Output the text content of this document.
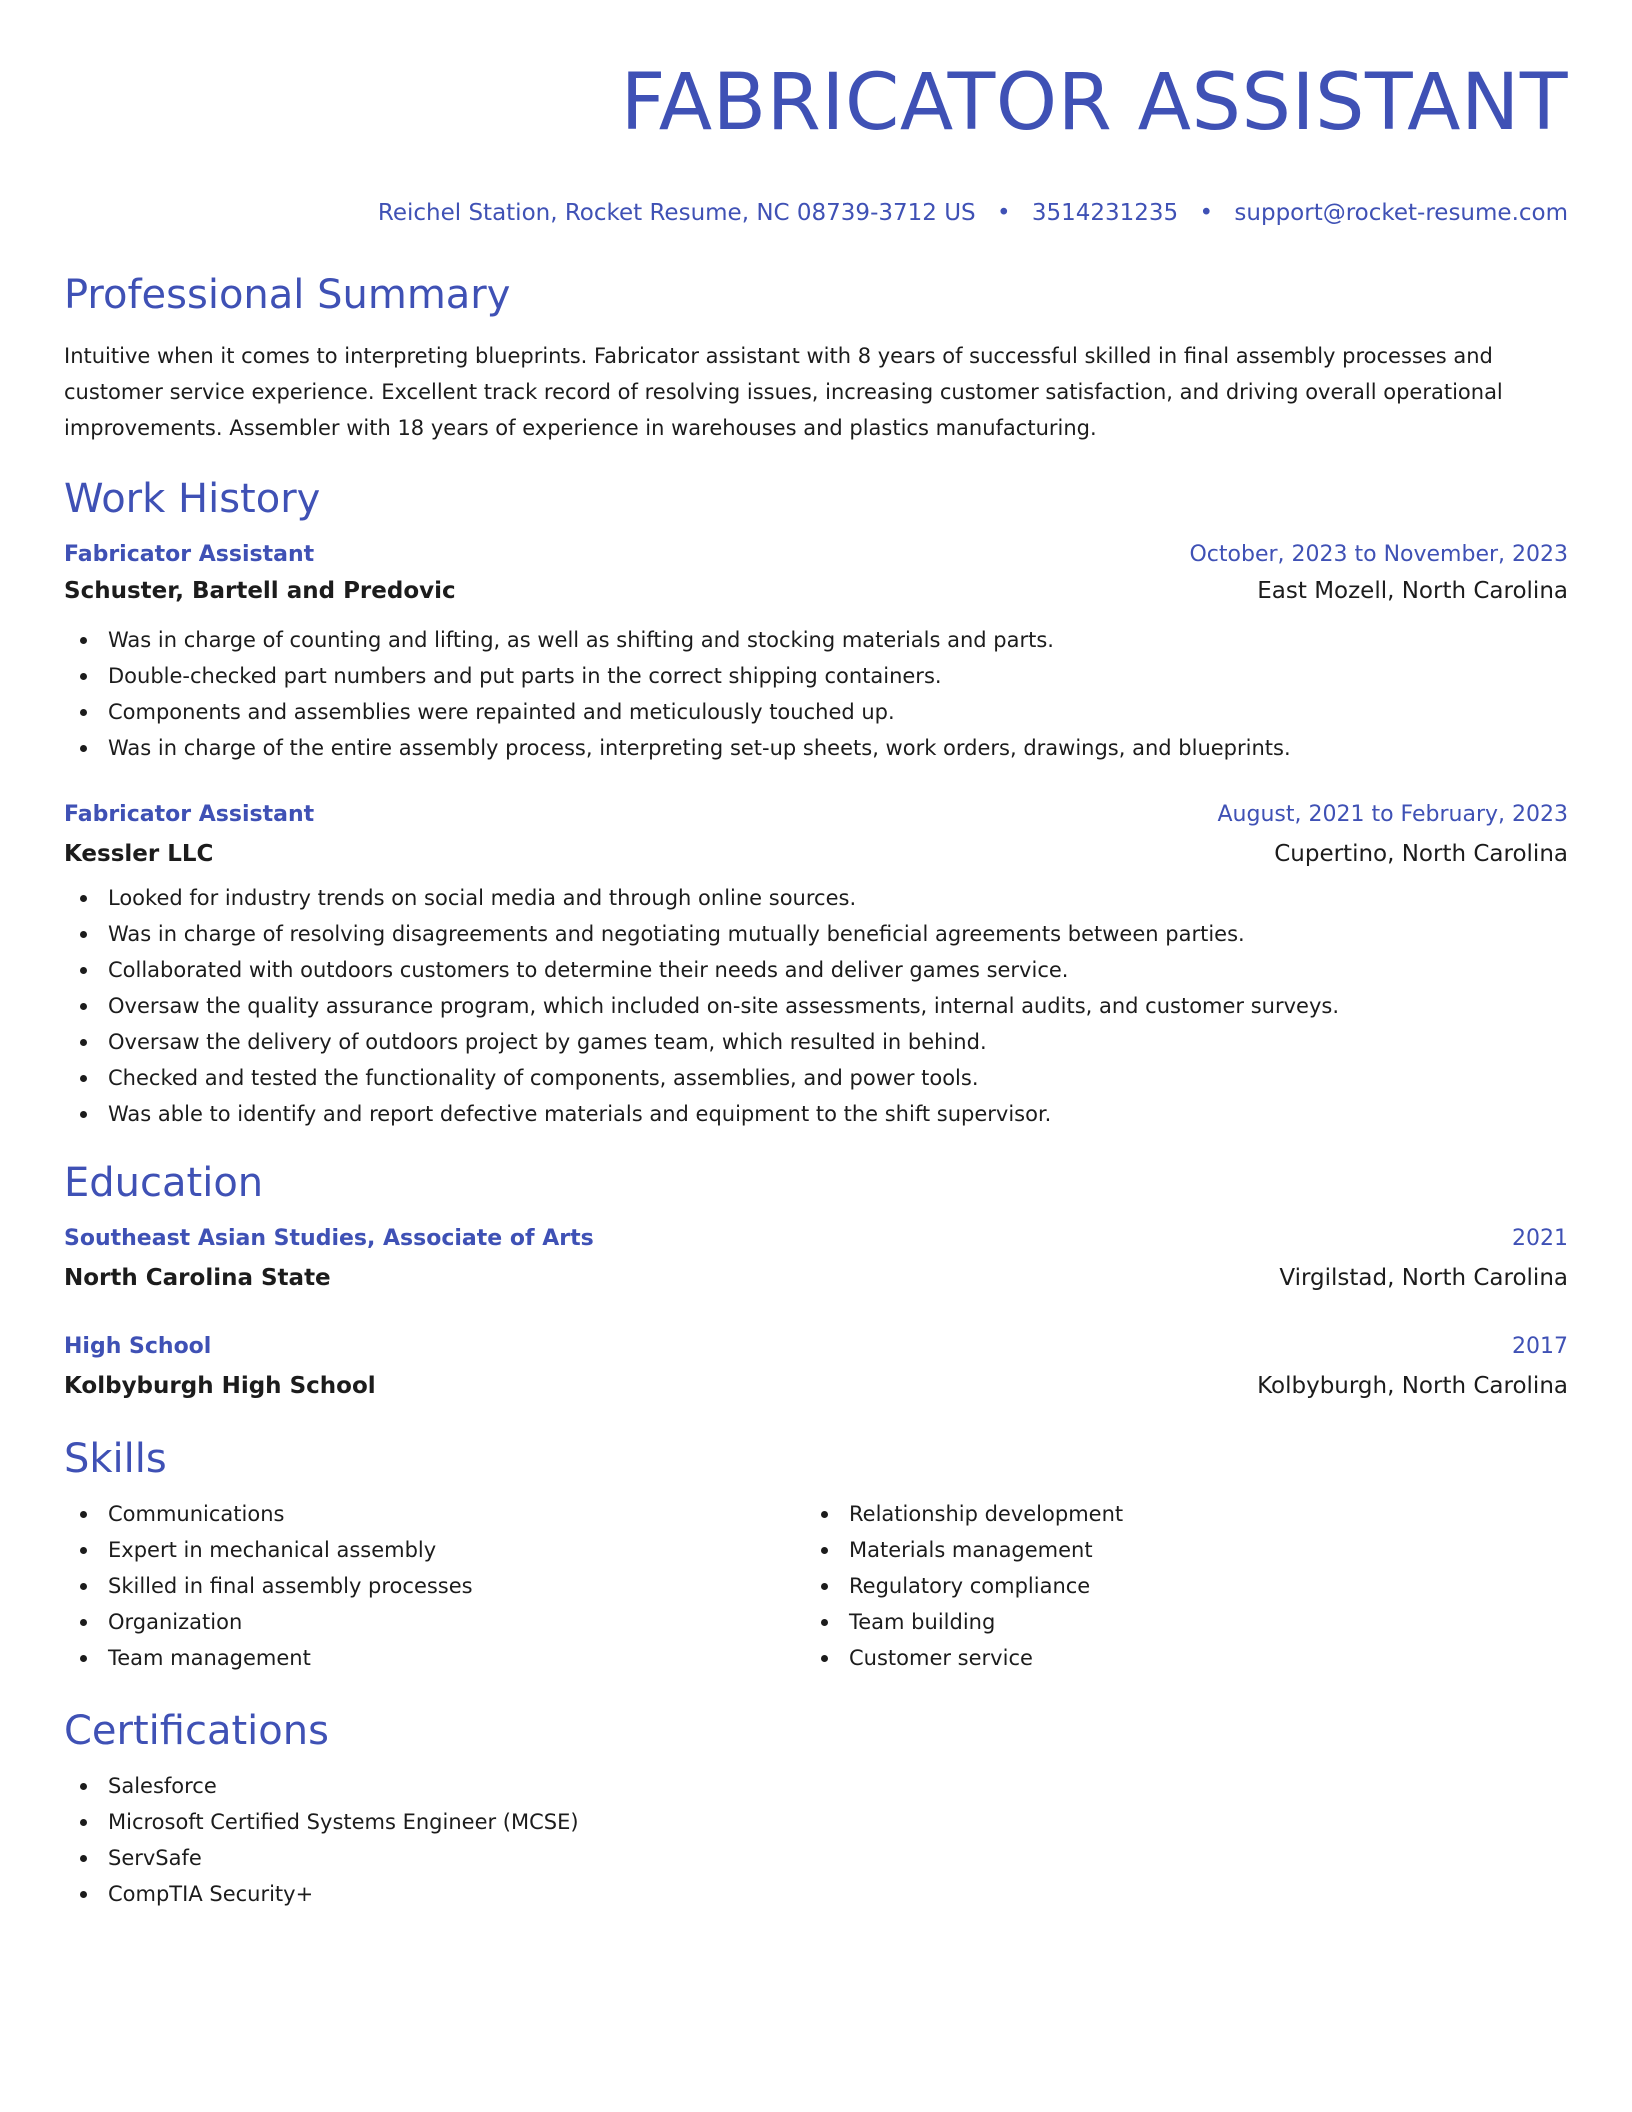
FABRICATOR ASSISTANT
Reichel Station, Rocket Resume, NC 08739-3712 US • 3514231235 • support@rocket-resume.com
Professional Summary
Intuitive when it comes to interpreting blueprints. Fabricator assistant with 8 years of successful skilled in final assembly processes and customer service experience. Excellent track record of resolving issues, increasing customer satisfaction, and driving overall operational improvements. Assembler with 18 years of experience in warehouses and plastics manufacturing.
Work History
Fabricator Assistant	October, 2023 to November, 2023
Schuster, Bartell and Predovic	East Mozell, North Carolina
Was in charge of counting and lifting, as well as shifting and stocking materials and parts.
Double-checked part numbers and put parts in the correct shipping containers.
Components and assemblies were repainted and meticulously touched up.
Was in charge of the entire assembly process, interpreting set-up sheets, work orders, drawings, and blueprints.
Fabricator Assistant	August, 2021 to February, 2023
Kessler LLC	Cupertino, North Carolina
Looked for industry trends on social media and through online sources.
Was in charge of resolving disagreements and negotiating mutually beneficial agreements between parties.
Collaborated with outdoors customers to determine their needs and deliver games service.
Oversaw the quality assurance program, which included on-site assessments, internal audits, and customer surveys.
Oversaw the delivery of outdoors project by games team, which resulted in behind.
Checked and tested the functionality of components, assemblies, and power tools.
Was able to identify and report defective materials and equipment to the shift supervisor.
Education
Southeast Asian Studies, Associate of Arts	2021
North Carolina State	Virgilstad, North Carolina
High School	2017
Kolbyburgh High School	Kolbyburgh, North Carolina
Skills
Communications
Expert in mechanical assembly
Skilled in final assembly processes
Organization
Team management
Relationship development
Materials management
Regulatory compliance
Team building
Customer service
Certifications
Salesforce
Microsoft Certified Systems Engineer (MCSE)
ServSafe
CompTIA Security+
